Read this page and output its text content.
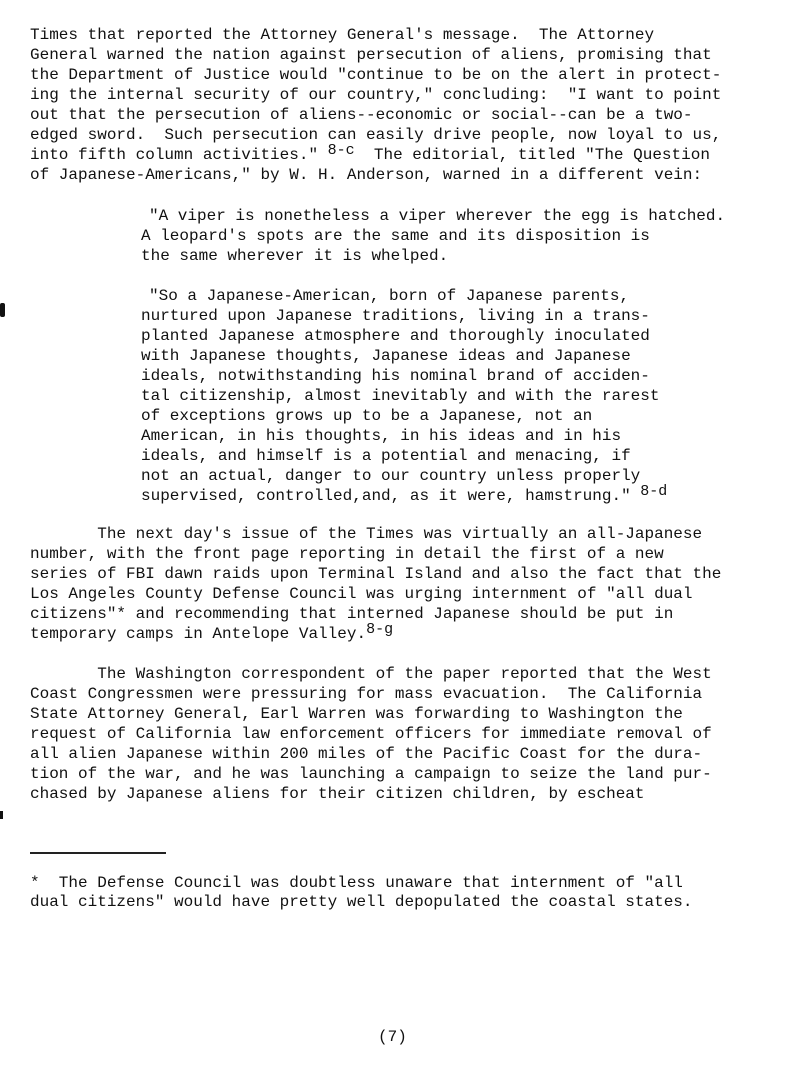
Times that reported the Attorney General's message.  The Attorney
General warned the nation against persecution of aliens, promising that
the Department of Justice would "continue to be on the alert in protect-
ing the internal security of our country," concluding:  "I want to point
out that the persecution of aliens--economic or social--can be a two-
edged sword.  Such persecution can easily drive people, now loyal to us,
into fifth column activities." $^{8-c}$  The editorial, titled "The Question
of Japanese-Americans," by W. H. Anderson, warned in a different vein:
"A viper is nonetheless a viper wherever the egg is hatched.
A leopard's spots are the same and its disposition is
the same wherever it is whelped.
"So a Japanese-American, born of Japanese parents,
nurtured upon Japanese traditions, living in a trans-
planted Japanese atmosphere and thoroughly inoculated
with Japanese thoughts, Japanese ideas and Japanese
ideals, notwithstanding his nominal brand of acciden-
tal citizenship, almost inevitably and with the rarest
of exceptions grows up to be a Japanese, not an
American, in his thoughts, in his ideas and in his
ideals, and himself is a potential and menacing, if
not an actual, danger to our country unless properly
supervised, controlled,and, as it were, hamstrung." $^{8-d}$
The next day's issue of the Times was virtually an all-Japanese
number, with the front page reporting in detail the first of a new
series of FBI dawn raids upon Terminal Island and also the fact that the
Los Angeles County Defense Council was urging internment of "all dual
citizens"* and recommending that interned Japanese should be put in
temporary camps in Antelope Valley.$^{8-g}$
The Washington correspondent of the paper reported that the West
Coast Congressmen were pressuring for mass evacuation.  The California
State Attorney General, Earl Warren was forwarding to Washington the
request of California law enforcement officers for immediate removal of
all alien Japanese within 200 miles of the Pacific Coast for the dura-
tion of the war, and he was launching a campaign to seize the land pur-
chased by Japanese aliens for their citizen children, by escheat
*  The Defense Council was doubtless unaware that internment of "all
dual citizens" would have pretty well depopulated the coastal states.
(7)
